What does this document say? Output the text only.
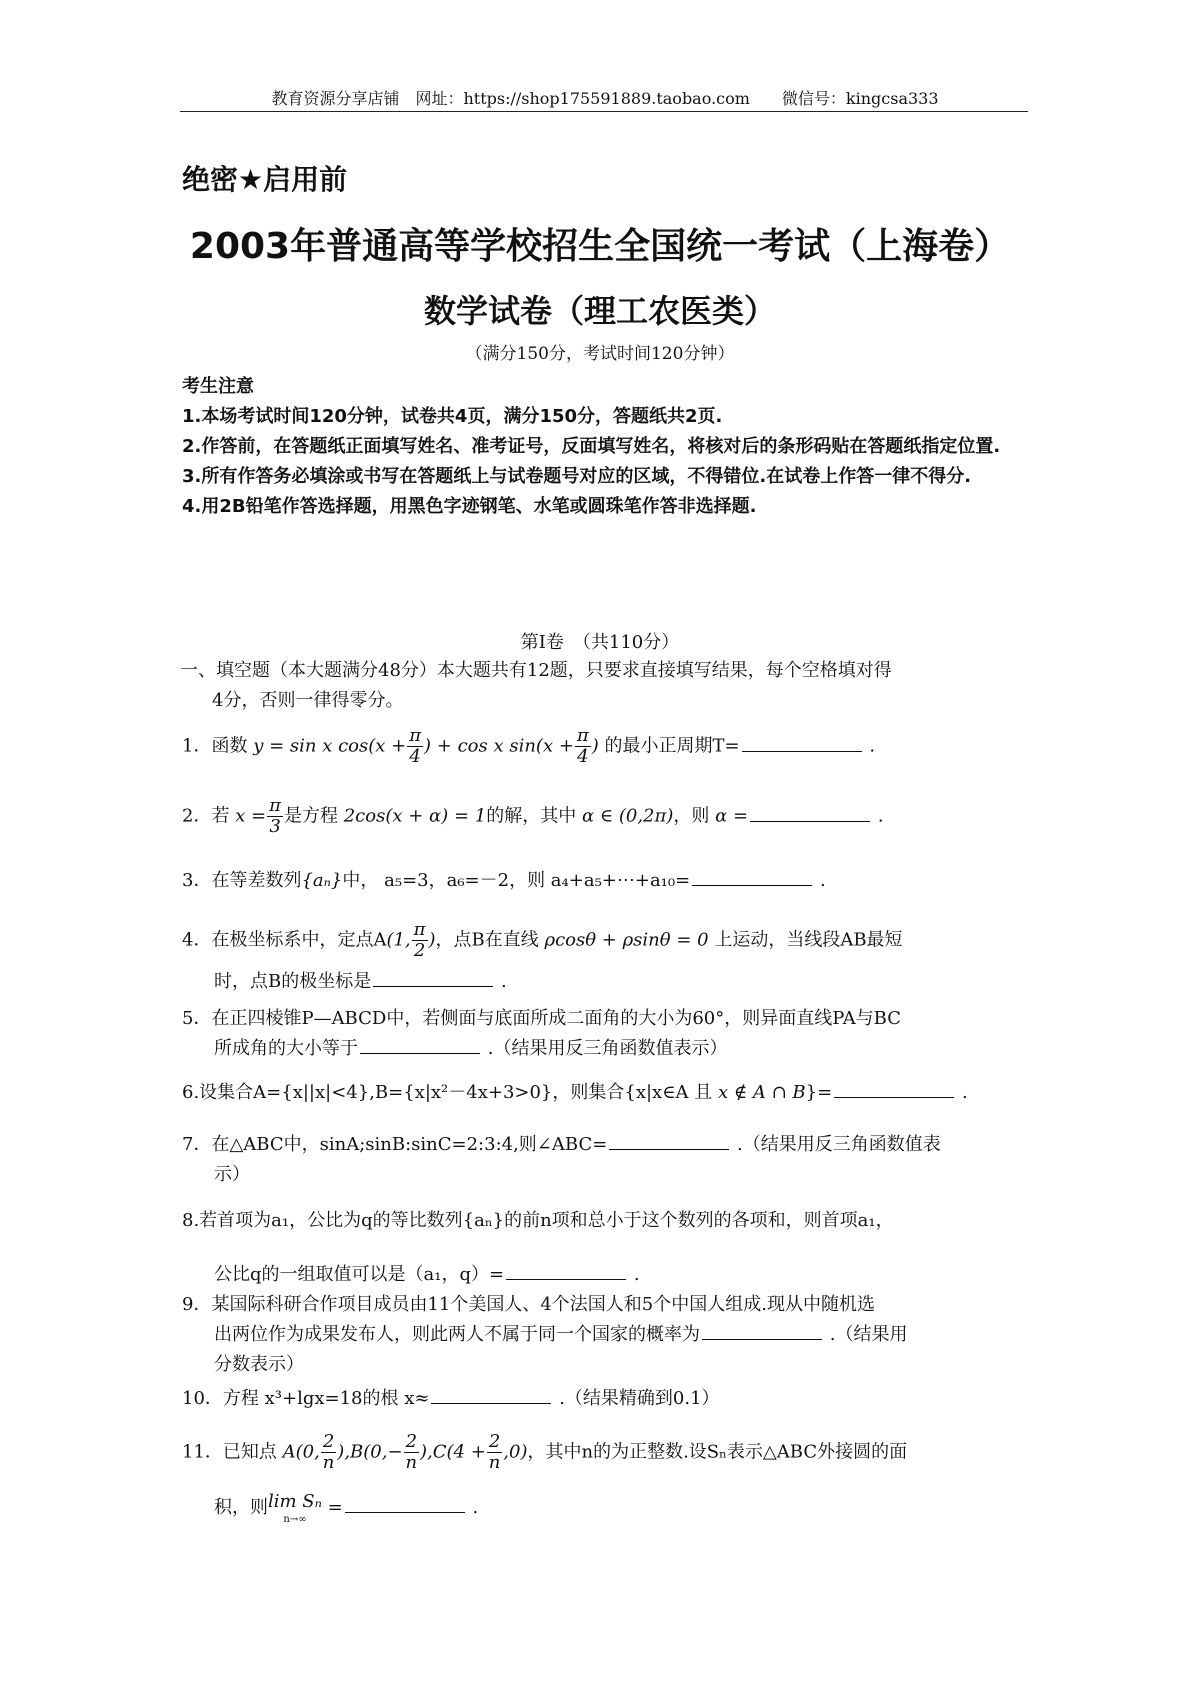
教育资源分享店铺　网址：https://shop175591889.taobao.com　　微信号：kingcsa333
绝密★启用前
2003年普通高等学校招生全国统一考试（上海卷）
数学试卷（理工农医类）
（满分150分，考试时间120分钟）
考生注意
1.本场考试时间120分钟，试卷共4页，满分150分，答题纸共2页.
2.作答前，在答题纸正面填写姓名、准考证号，反面填写姓名，将核对后的条形码贴在答题纸指定位置.
3.所有作答务必填涂或书写在答题纸上与试卷题号对应的区域，不得错位.在试卷上作答一律不得分.
4.用2B铅笔作答选择题，用黑色字迹钢笔、水笔或圆珠笔作答非选择题.
第Ⅰ卷　（共110分）
一、填空题（本大题满分48分）本大题共有12题，只要求直接填写结果，每个空格填对得
4分，否则一律得零分。
1．函数 y = sin x $\cos(x + \frac{\pi}{4}$ ) + cos x $\sin(x + \frac{\pi}{4}$ ) 的最小正周期T=	.
2．若 $x = \frac{\pi}{3}$ 是方程 2cos(x + α) = 1的解，其中 α ∈ (0,2π)，则 α =	.
3．在等差数列{aₙ}中， a₅=3，a₆=－2，则 a₄+a₅+⋯+a₁₀=	.
4．在极坐标系中，定点A(1, $\frac{\pi}{2}$ )，点B在直线 ρcosθ + ρsinθ = 0 上运动，当线段AB最短
时，点B的极坐标是	.
5．在正四棱锥P—ABCD中，若侧面与底面所成二面角的大小为60°，则异面直线PA与BC
所成角的大小等于	.（结果用反三角函数值表示）
6.设集合A={x||x|<4},B={x|x²－4x+3>0}，则集合{x|x∈A 且 x ∉ A ∩ B}=	.
7．在△ABC中，sinA;sinB:sinC=2:3:4,则∠ABC=	.（结果用反三角函数值表
示）
8.若首项为a₁，公比为q的等比数列{aₙ}的前n项和总小于这个数列的各项和，则首项a₁，
公比q的一组取值可以是（a₁，q）=	.
9．某国际科研合作项目成员由11个美国人、4个法国人和5个中国人组成.现从中随机选
出两位作为成果发布人，则此两人不属于同一个国家的概率为	.（结果用
分数表示）
10．方程 x³+lgx=18的根 x≈	.（结果精确到0.1）
11．已知点 A(0, $\frac{2}{n} ),B(0,- \frac{2}{n} ),C(4 + \frac{2}{n} ,0)$，其中n的为正整数.设Sₙ表示△ABC外接圆的面
积，则 lim Sₙ
n→∞
=	.
